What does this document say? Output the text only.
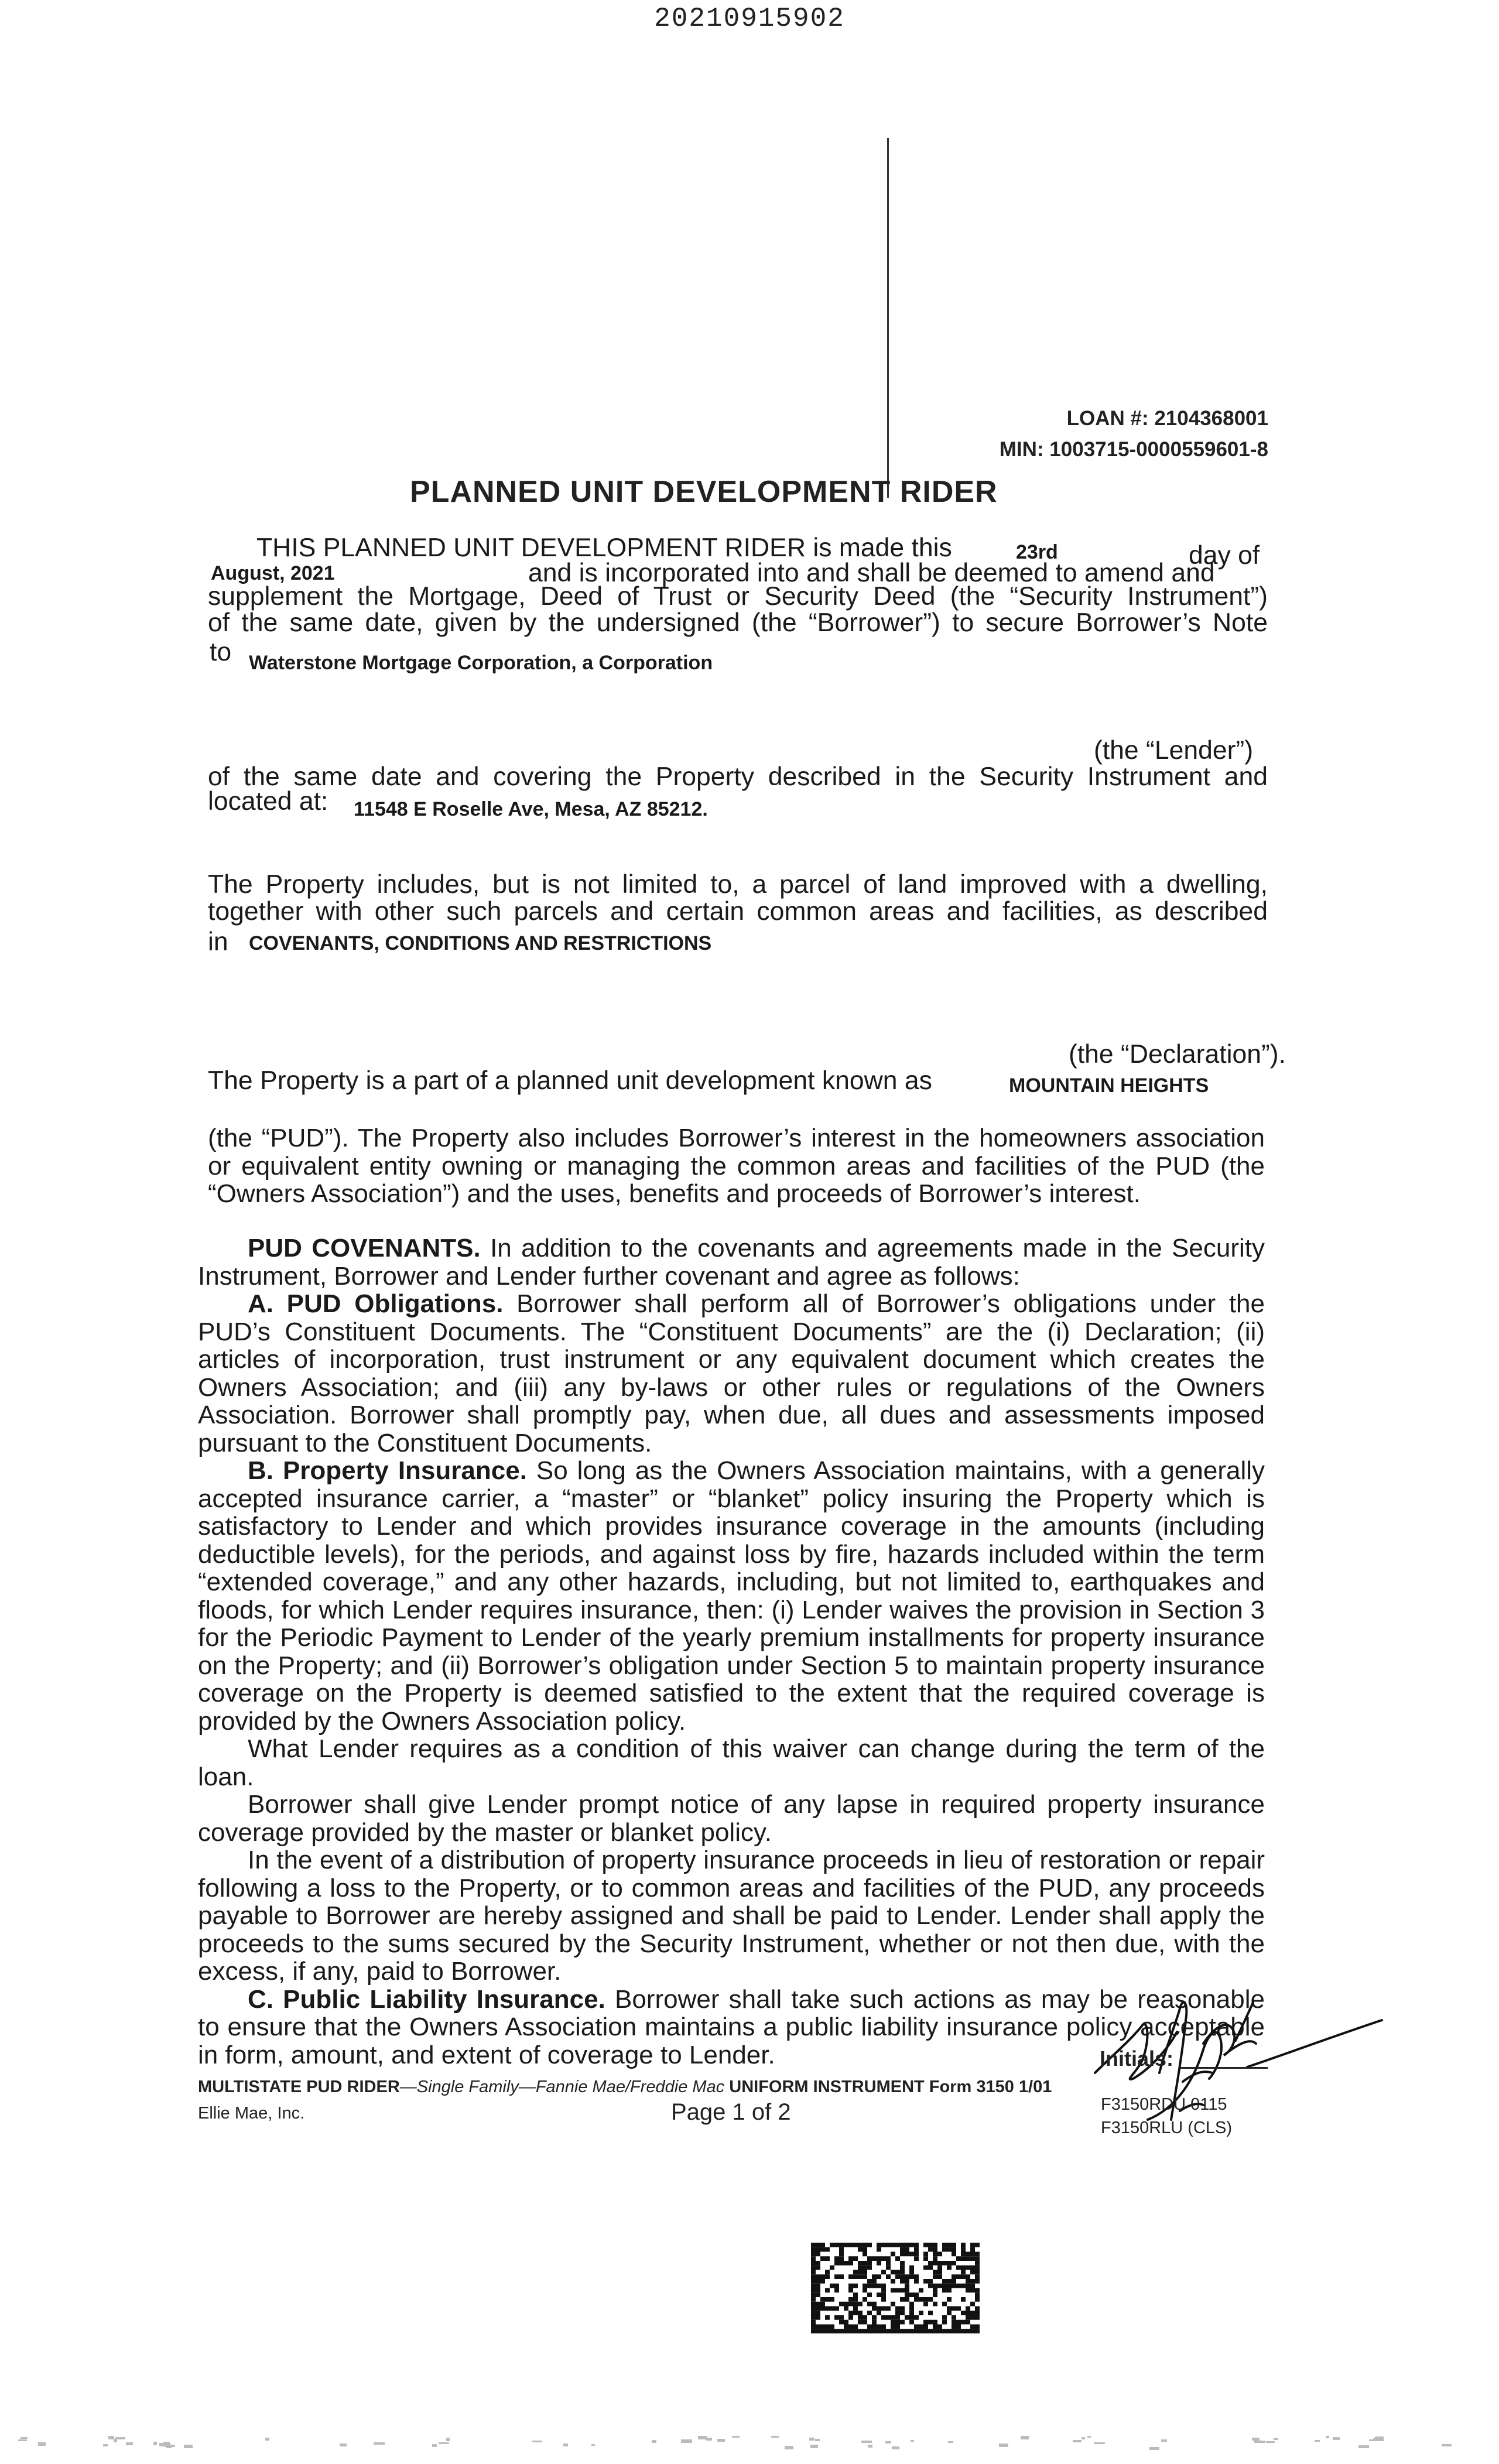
20210915902
LOAN #: 2104368001
MIN: 1003715-0000559601-8
PLANNED UNIT DEVELOPMENT RIDER
THIS PLANNED UNIT DEVELOPMENT RIDER is made this	23rd	day of
August, 2021	and is incorporated into and shall be deemed to amend and
supplement the Mortgage, Deed of Trust or Security Deed (the “Security Instrument”)
of the same date, given by the undersigned (the “Borrower”) to secure Borrower’s Note
to Waterstone Mortgage Corporation, a Corporation
(the “Lender”)
of the same date and covering the Property described in the Security Instrument and
located at: 11548 E Roselle Ave, Mesa, AZ 85212.
The Property includes, but is not limited to, a parcel of land improved with a dwelling,
together with other such parcels and certain common areas and facilities, as described
in COVENANTS, CONDITIONS AND RESTRICTIONS
(the “Declaration”).
The Property is a part of a planned unit development known as	MOUNTAIN HEIGHTS

(the “PUD”). The Property also includes Borrower’s interest in the homeowners association or equivalent entity owning or managing the common areas and facilities of the PUD (the “Owners Association”) and the uses, benefits and proceeds of Borrower’s interest.

PUD COVENANTS. In addition to the covenants and agreements made in the Security Instrument, Borrower and Lender further covenant and agree as follows:

A. PUD Obligations. Borrower shall perform all of Borrower’s obligations under the PUD’s Constituent Documents. The “Constituent Documents” are the (i) Declaration; (ii) articles of incorporation, trust instrument or any equivalent document which creates the Owners Association; and (iii) any by-laws or other rules or regulations of the Owners Association. Borrower shall promptly pay, when due, all dues and assessments imposed pursuant to the Constituent Documents.

B. Property Insurance. So long as the Owners Association maintains, with a generally accepted insurance carrier, a “master” or “blanket” policy insuring the Property which is satisfactory to Lender and which provides insurance coverage in the amounts (including deductible levels), for the periods, and against loss by fire, hazards included within the term “extended coverage,” and any other hazards, including, but not limited to, earthquakes and floods, for which Lender requires insurance, then: (i) Lender waives the provision in Section 3 for the Periodic Payment to Lender of the yearly premium installments for property insurance on the Property; and (ii) Borrower’s obligation under Section 5 to maintain property insurance coverage on the Property is deemed satisfied to the extent that the required coverage is provided by the Owners Association policy.

What Lender requires as a condition of this waiver can change during the term of the loan.

Borrower shall give Lender prompt notice of any lapse in required property insurance coverage provided by the master or blanket policy.

In the event of a distribution of property insurance proceeds in lieu of restoration or repair following a loss to the Property, or to common areas and facilities of the PUD, any proceeds payable to Borrower are hereby assigned and shall be paid to Lender. Lender shall apply the proceeds to the sums secured by the Security Instrument, whether or not then due, with the excess, if any, paid to Borrower.

C. Public Liability Insurance. Borrower shall take such actions as may be reasonable to ensure that the Owners Association maintains a public liability insurance policy acceptable in form, amount, and extent of coverage to Lender.	Initials:
MULTISTATE PUD RIDER—Single Family—Fannie Mae/Freddie Mac UNIFORM INSTRUMENT Form 3150 1/01
Ellie Mae, Inc.	Page 1 of 2	F3150RDU 0115
F3150RLU (CLS)
